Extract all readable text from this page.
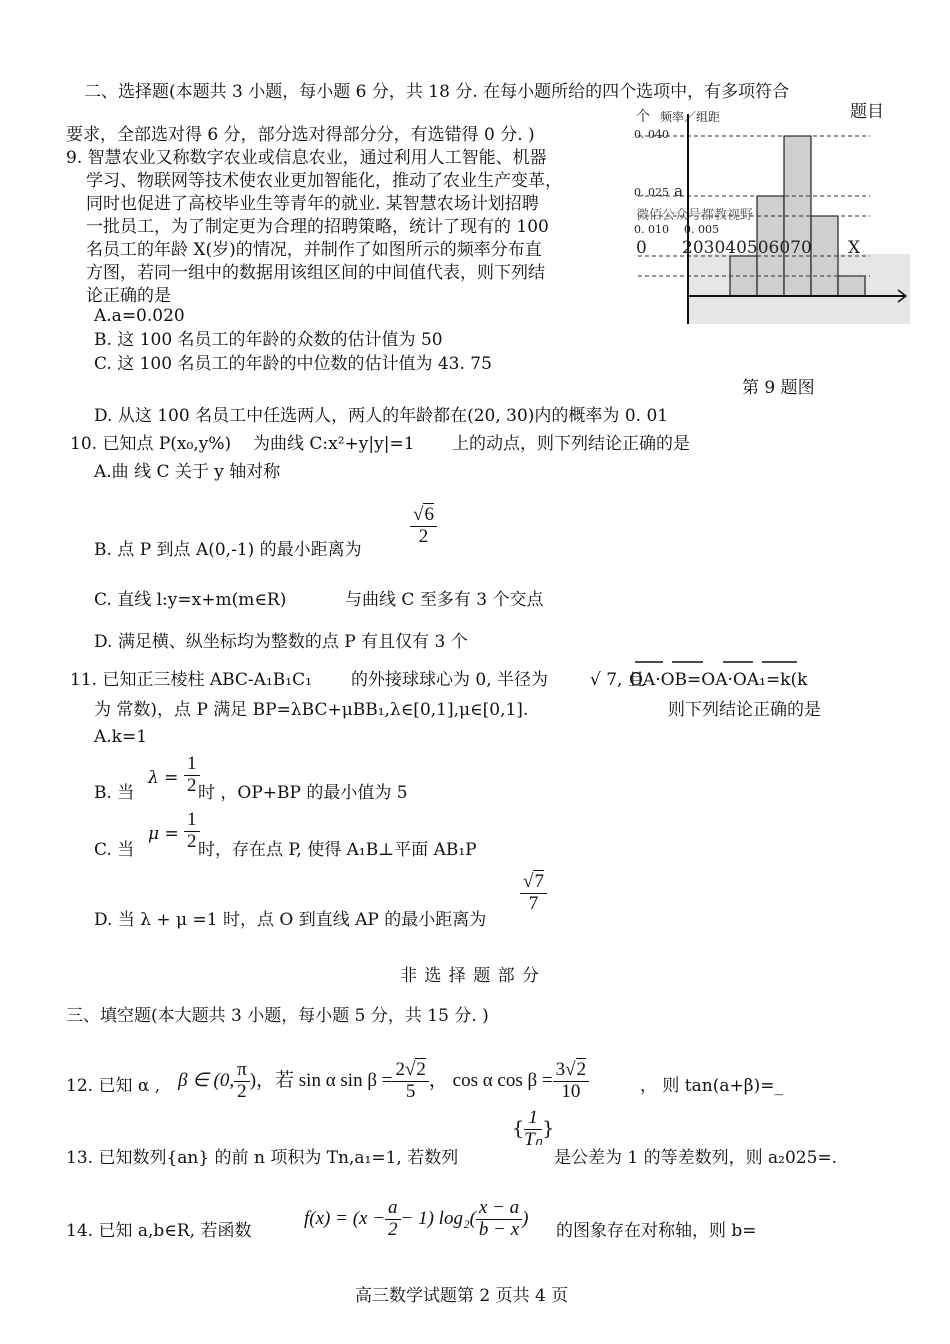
二、选择题(本题共 3 小题，每小题 6 分，共 18 分. 在每小题所给的四个选项中，有多项符合
题目
要求，全部选对得 6 分，部分选对得部分分，有选错得 0 分. )
9. 智慧农业又称数字农业或信息农业，通过利用人工智能、机器
学习、物联网等技术使农业更加智能化，推动了农业生产变革，
同时也促进了高校毕业生等青年的就业. 某智慧农场计划招聘
一批员工，为了制定更为合理的招聘策略，统计了现有的 100
名员工的年龄 X(岁)的情况，并制作了如图所示的频率分布直
方图，若同一组中的数据用该组区间的中间值代表，则下列结
论正确的是
A.a=0.020
B. 这 100 名员工的年龄的众数的估计值为 50
C. 这 100 名员工的年龄的中位数的估计值为 43. 75
第 9 题图
D. 从这 100 名员工中任选两人，两人的年龄都在(20, 30)内的概率为 0. 01
个 频率／组距
0. 040
0. 025 a
0. 010 0. 005
微佰公众号都教视野
0 203040506070 X
10. 已知点 P(x₀,y%) 为曲线 C:x²+y|y|=1 上的动点，则下列结论正确的是
A.曲 线 C 关于 y 轴对称
B. 点 P 到点 A(0,-1) 的最小距离为
$\frac{√6}{2}$
C. 直线 l:y=x+m(m∈R)	与曲线 C 至多有 3 个交点
D. 满足横、纵坐标均为整数的点 P 有且仅有 3 个
11. 已知正三棱柱 ABC-A₁B₁C₁ 的外接球球心为 0, 半径为 √ 7, 且
OA·OB=OA·OA₁=k(k
为 常数)，点 P 满足 BP=λBC+μBB₁,λ∈[0,1],μ∈[0,1].	则下列结论正确的是
A.k=1
B. 当
$\lambda = \frac{1}{2}$
时 ，OP+BP 的最小值为 5
C. 当
$\mu = \frac{1}{2}$
时，存在点 P, 使得 A₁B⊥平面 AB₁P
D. 当 λ + μ =1 时，点 O 到直线 AP 的最小距离为
$\frac{√7}{7}$
非 选 择 题 部 分
三、填空题(本大题共 3 小题，每小题 5 分，共 15 分. )
12. 已知 α , β ∈ (0, $\frac{\pi}{2}$ )，若 sin α $\sin \beta = \frac{2√2}{5}$ ， cos α $\cos \beta = \frac{3√2}{10}$	， 则 tan(a+β)=_
13. 已知数列{an} 的前 n 项积为 Tn,a₁=1, 若数列
{ $\frac{1}{\text{Tₙ}}$ }
是公差为 1 的等差数列，则 a₂025=.
14. 已知 a,b∈R, 若函数
$f(x) = (x - \frac{a}{2} - 1)$ $\log_2( \frac{x - a}{b - x}$ )
的图象存在对称轴，则 b=
高三数学试题第 2 页共 4 页
